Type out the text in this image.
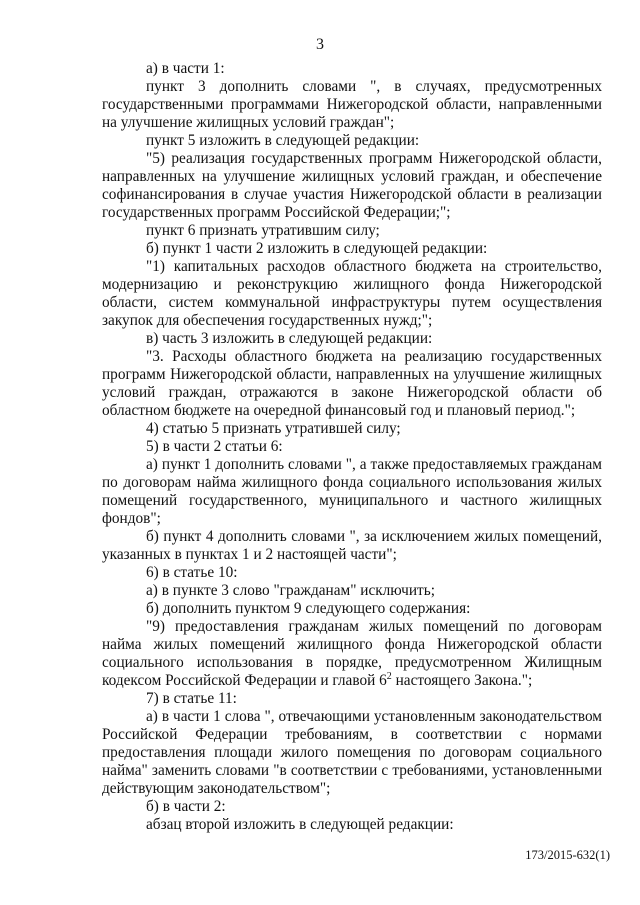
3

а) в части 1:

пункт 3 дополнить словами ", в случаях, предусмотренных государственными программами Нижегородской области, направленными на улучшение жилищных условий граждан";

пункт 5 изложить в следующей редакции:

"5) реализация государственных программ Нижегородской области, направленных на улучшение жилищных условий граждан, и обеспечение софинансирования в случае участия Нижегородской области в реализации государственных программ Российской Федерации;";

пункт 6 признать утратившим силу;

б) пункт 1 части 2 изложить в следующей редакции:

"1) капитальных расходов областного бюджета на строительство, модернизацию и реконструкцию жилищного фонда Нижегородской области, систем коммунальной инфраструктуры путем осуществления закупок для обеспечения государственных нужд;";

в) часть 3 изложить в следующей редакции:

"3. Расходы областного бюджета на реализацию государственных программ Нижегородской области, направленных на улучшение жилищных условий граждан, отражаются в законе Нижегородской области об областном бюджете на очередной финансовый год и плановый период.";

4) статью 5 признать утратившей силу;

5) в части 2 статьи 6:

а) пункт 1 дополнить словами ", а также предоставляемых гражданам по договорам найма жилищного фонда социального использования жилых помещений государственного, муниципального и частного жилищных фондов";

б) пункт 4 дополнить словами ", за исключением жилых помещений, указанных в пунктах 1 и 2 настоящей части";

6) в статье 10:

а) в пункте 3 слово "гражданам" исключить;

б) дополнить пунктом 9 следующего содержания:

"9) предоставления гражданам жилых помещений по договорам найма жилых помещений жилищного фонда Нижегородской области социального использования в порядке, предусмотренном Жилищным кодексом Российской Федерации и главой $6^2$ настоящего Закона.";

7) в статье 11:

а) в части 1 слова ", отвечающими установленным законодательством Российской Федерации требованиям, в соответствии с нормами предоставления площади жилого помещения по договорам социального найма" заменить словами "в соответствии с требованиями, установленными действующим законодательством";

б) в части 2:

абзац второй изложить в следующей редакции:

173/2015-632(1)
